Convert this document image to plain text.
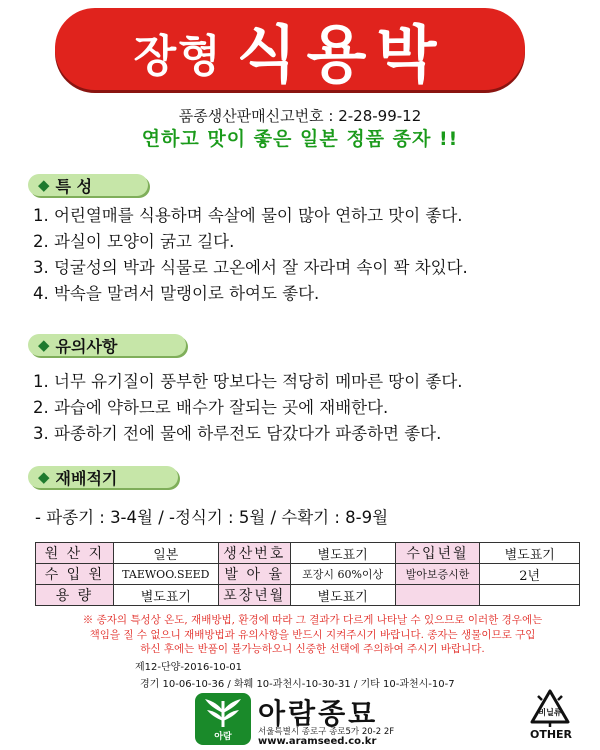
장형 식용박
품종생산판매신고번호 : 2-28-99-12
연하고 맛이 좋은 일본 정품 종자 !!
◆ 특 성
1. 어린열매를 식용하며 속살에 물이 많아 연하고 맛이 좋다.
2. 과실이 모양이 굵고 길다.
3. 덩굴성의 박과 식물로 고온에서 잘 자라며 속이 꽉 차있다.
4. 박속을 말려서 말랭이로 하여도 좋다.
◆ 유의사항
1. 너무 유기질이 풍부한 땅보다는 적당히 메마른 땅이 좋다.
2. 과습에 약하므로 배수가 잘되는 곳에 재배한다.
3. 파종하기 전에 물에 하루전도 담갔다가 파종하면 좋다.
◆ 재배적기
- 파종기 : 3-4월 / -정식기 : 5월 / 수확기 : 8-9월
원 산 지	일본	생산번호	별도표기	수입년월	별도표기
수 입 원	TAEWOO.SEED	발 아 율	포장시 60%이상	발아보증시한	2년
용 량	별도표기	포장년월	별도표기		
※ 종자의 특성상 온도, 재배방법, 환경에 따라 그 결과가 다르게 나타날 수 있으므로 이러한 경우에는
책임을 질 수 없으니 재배방법과 유의사항을 반드시 지켜주시기 바랍니다. 종자는 생물이므로 구입
하신 후에는 반품이 불가능하오니 신중한 선택에 주의하여 주시기 바랍니다.
제12-단양-2016-10-01
경기 10-06-10-36 / 화훼 10-과천시-10-30-31 / 기타 10-과천시-10-7
아람
아람종묘
서울특별시 종로구 종로5가 20-2 2F
www.aramseed.co.kr
비닐류
OTHER
